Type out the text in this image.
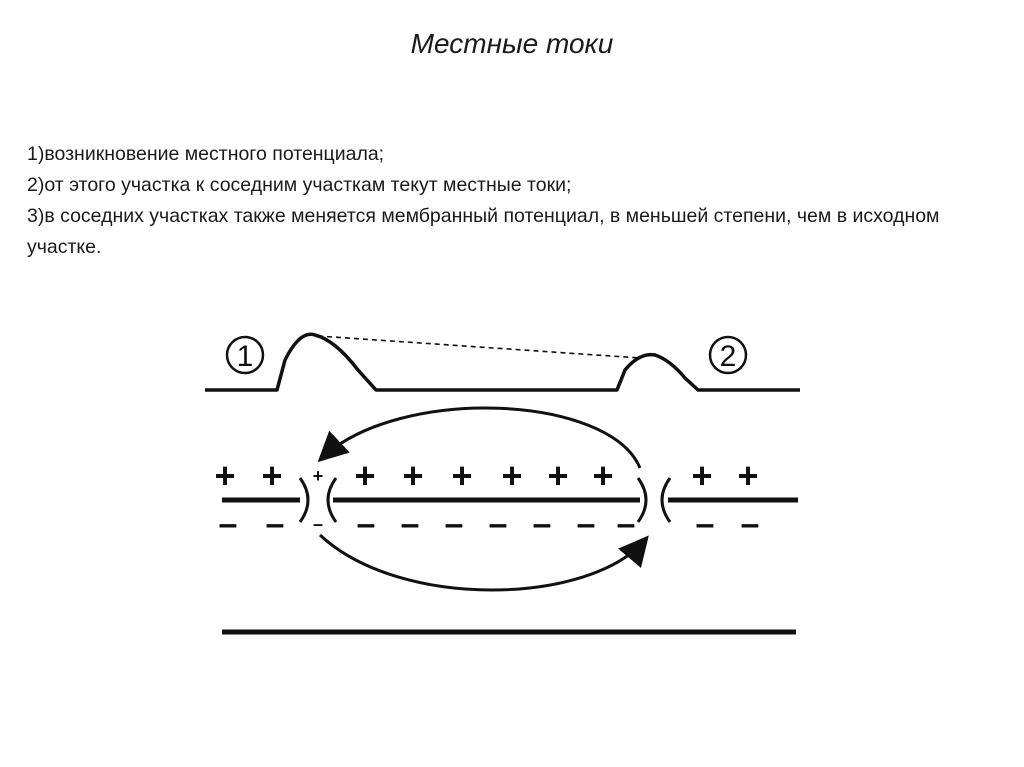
Местные токи
1)возникновение местного потенциала;
2)от этого участка к соседним участкам текут местные токи;
3)в соседних участках также меняется мембранный потенциал, в меньшей степени, чем в исходном участке.
1	2
+ + + + + + + + + + +
– – – – – – – – – – – –
